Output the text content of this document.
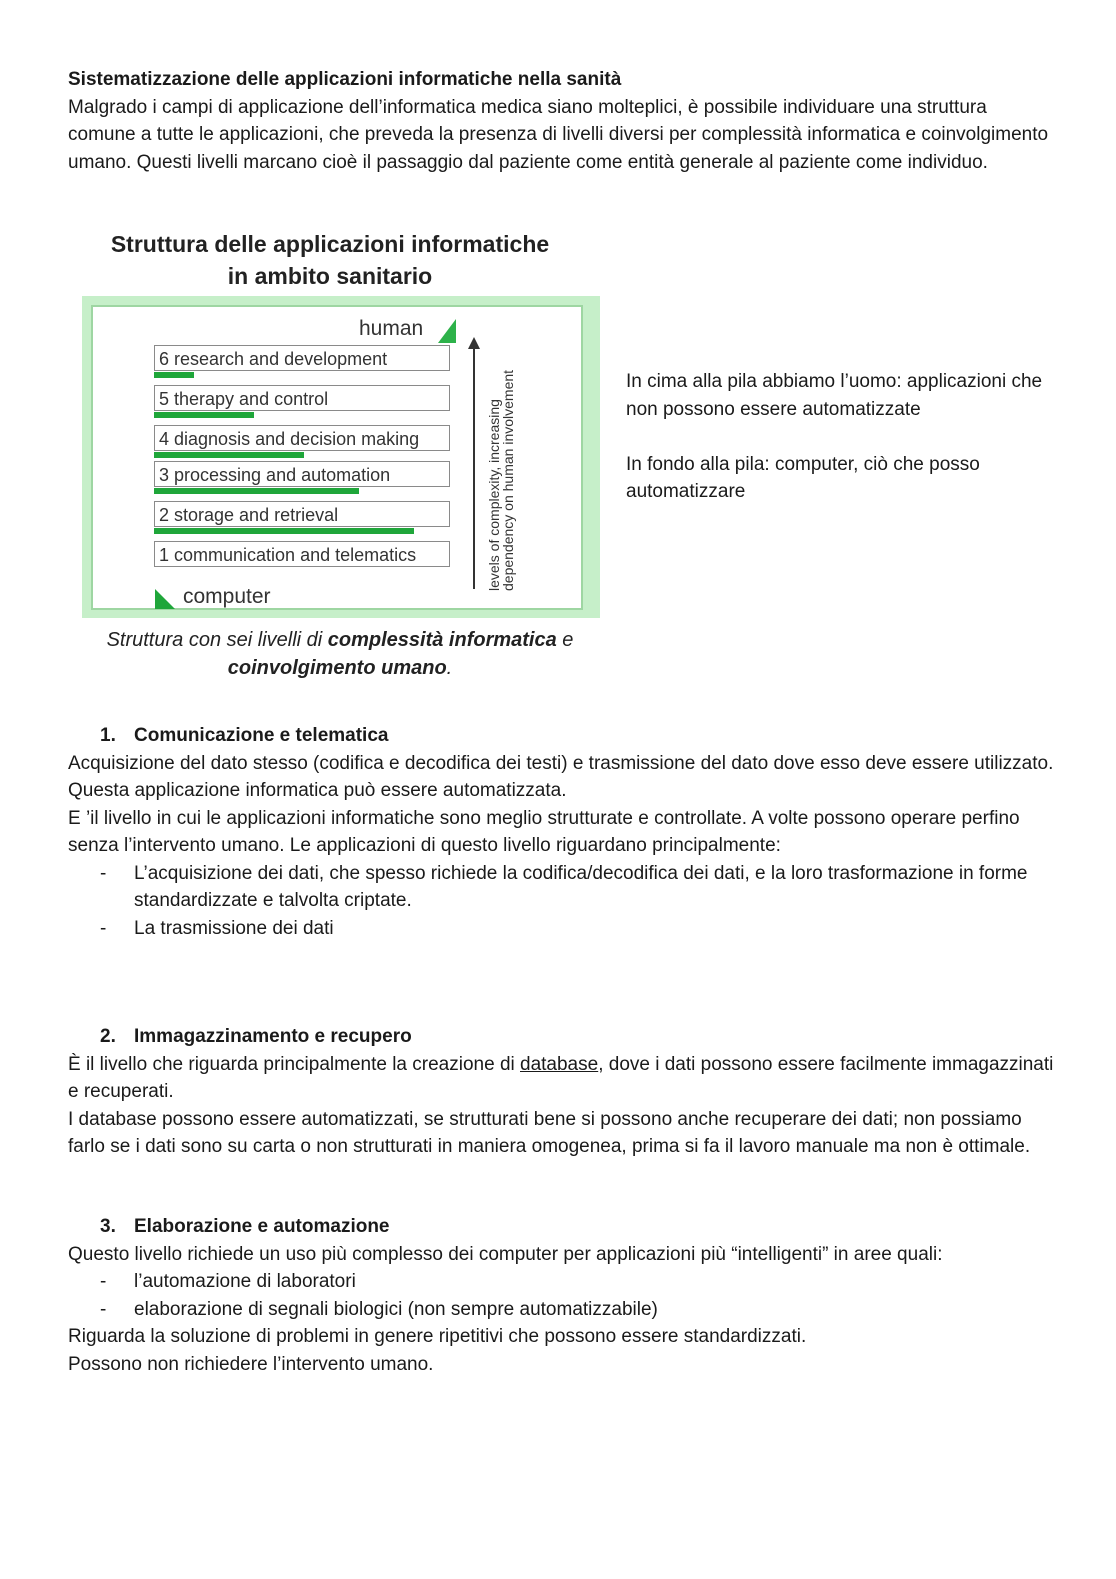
Sistematizzazione delle applicazioni informatiche nella sanità

Malgrado i campi di applicazione dell’informatica medica siano molteplici, è possibile individuare una struttura comune a tutte le applicazioni, che preveda la presenza di livelli diversi per complessità informatica e coinvolgimento umano. Questi livelli marcano cioè il passaggio dal paziente come entità generale al paziente come individuo.

Struttura delle applicazioni informatiche
in ambito sanitario
human
6 research and development
5 therapy and control
4 diagnosis and decision making
3 processing and automation
2 storage and retrieval
1 communication and telematics
computer
levels of complexity, increasing
dependency on human involvement
Struttura con sei livelli di complessità informatica e
coinvolgimento umano.

In cima alla pila abbiamo l’uomo: applicazioni che non possono essere automatizzate

In fondo alla pila: computer, ciò che posso automatizzare

1. Comunicazione e telematica

Acquisizione del dato stesso (codifica e decodifica dei testi) e trasmissione del dato dove esso deve essere utilizzato.

Questa applicazione informatica può essere automatizzata.

E ’il livello in cui le applicazioni informatiche sono meglio strutturate e controllate. A volte possono operare perfino senza l’intervento umano. Le applicazioni di questo livello riguardano principalmente:

- L’acquisizione dei dati, che spesso richiede la codifica/decodifica dei dati, e la loro trasformazione in forme standardizzate e talvolta criptate.
- La trasmissione dei dati
2. Immagazzinamento e recupero

È il livello che riguarda principalmente la creazione di database, dove i dati possono essere facilmente immagazzinati e recuperati.

I database possono essere automatizzati, se strutturati bene si possono anche recuperare dei dati; non possiamo farlo se i dati sono su carta o non strutturati in maniera omogenea, prima si fa il lavoro manuale ma non è ottimale.

3. Elaborazione e automazione

Questo livello richiede un uso più complesso dei computer per applicazioni più “intelligenti” in aree quali:

- l’automazione di laboratori
- elaborazione di segnali biologici (non sempre automatizzabile)

Riguarda la soluzione di problemi in genere ripetitivi che possono essere standardizzati.

Possono non richiedere l’intervento umano.
